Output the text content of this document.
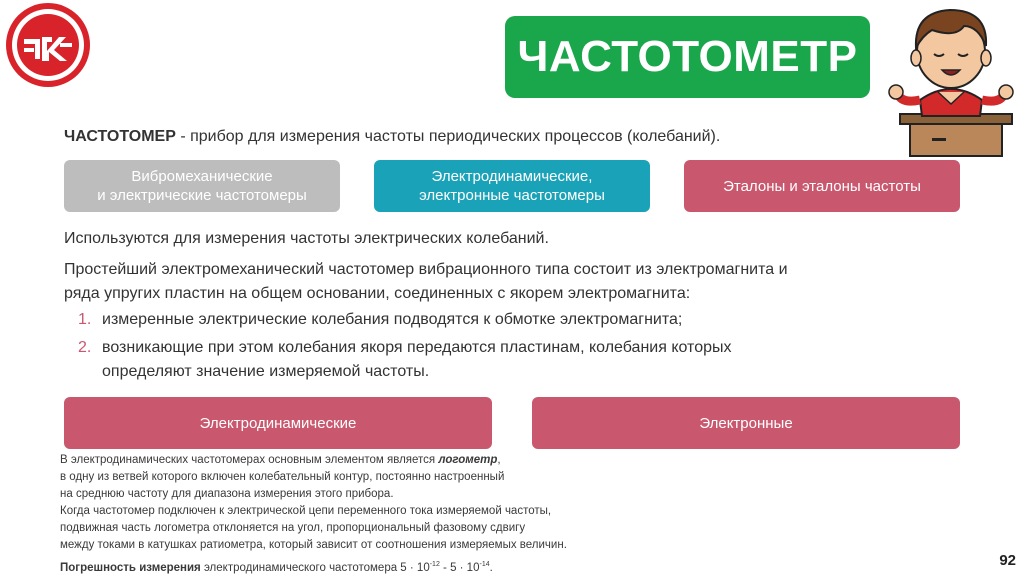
ЧАСТОТОМЕТР
ЧАСТОТОМЕР - прибор для измерения частоты периодических процессов (колебаний).
Вибромеханические
и электрические частотомеры
Электродинамические,
электронные частотомеры
Эталоны и эталоны частоты
Используются для измерения частоты электрических колебаний.
Простейший электромеханический частотомер вибрационного типа состоит из электромагнита и ряда упругих пластин на общем основании, соединенных с якорем электромагнита:
1. измеренные электрические колебания подводятся к обмотке электромагнита;
2. возникающие при этом колебания якоря передаются пластинам, колебания которых определяют значение измеряемой частоты.
Электродинамические	Электронные
В электродинамических частотомерах основным элементом является логометр,
в одну из ветвей которого включен колебательный контур, постоянно настроенный
на среднюю частоту для диапазона измерения этого прибора.
Когда частотомер подключен к электрической цепи переменного тока измеряемой частоты,
подвижная часть логометра отклоняется на угол, пропорциональный фазовому сдвигу
между токами в катушках ратиометра, который зависит от соотношения измеряемых величин.
Погрешность измерения электродинамического частотомера $5 \cdot 10^{-12} - 5 \cdot 10^{-14}$.	92
